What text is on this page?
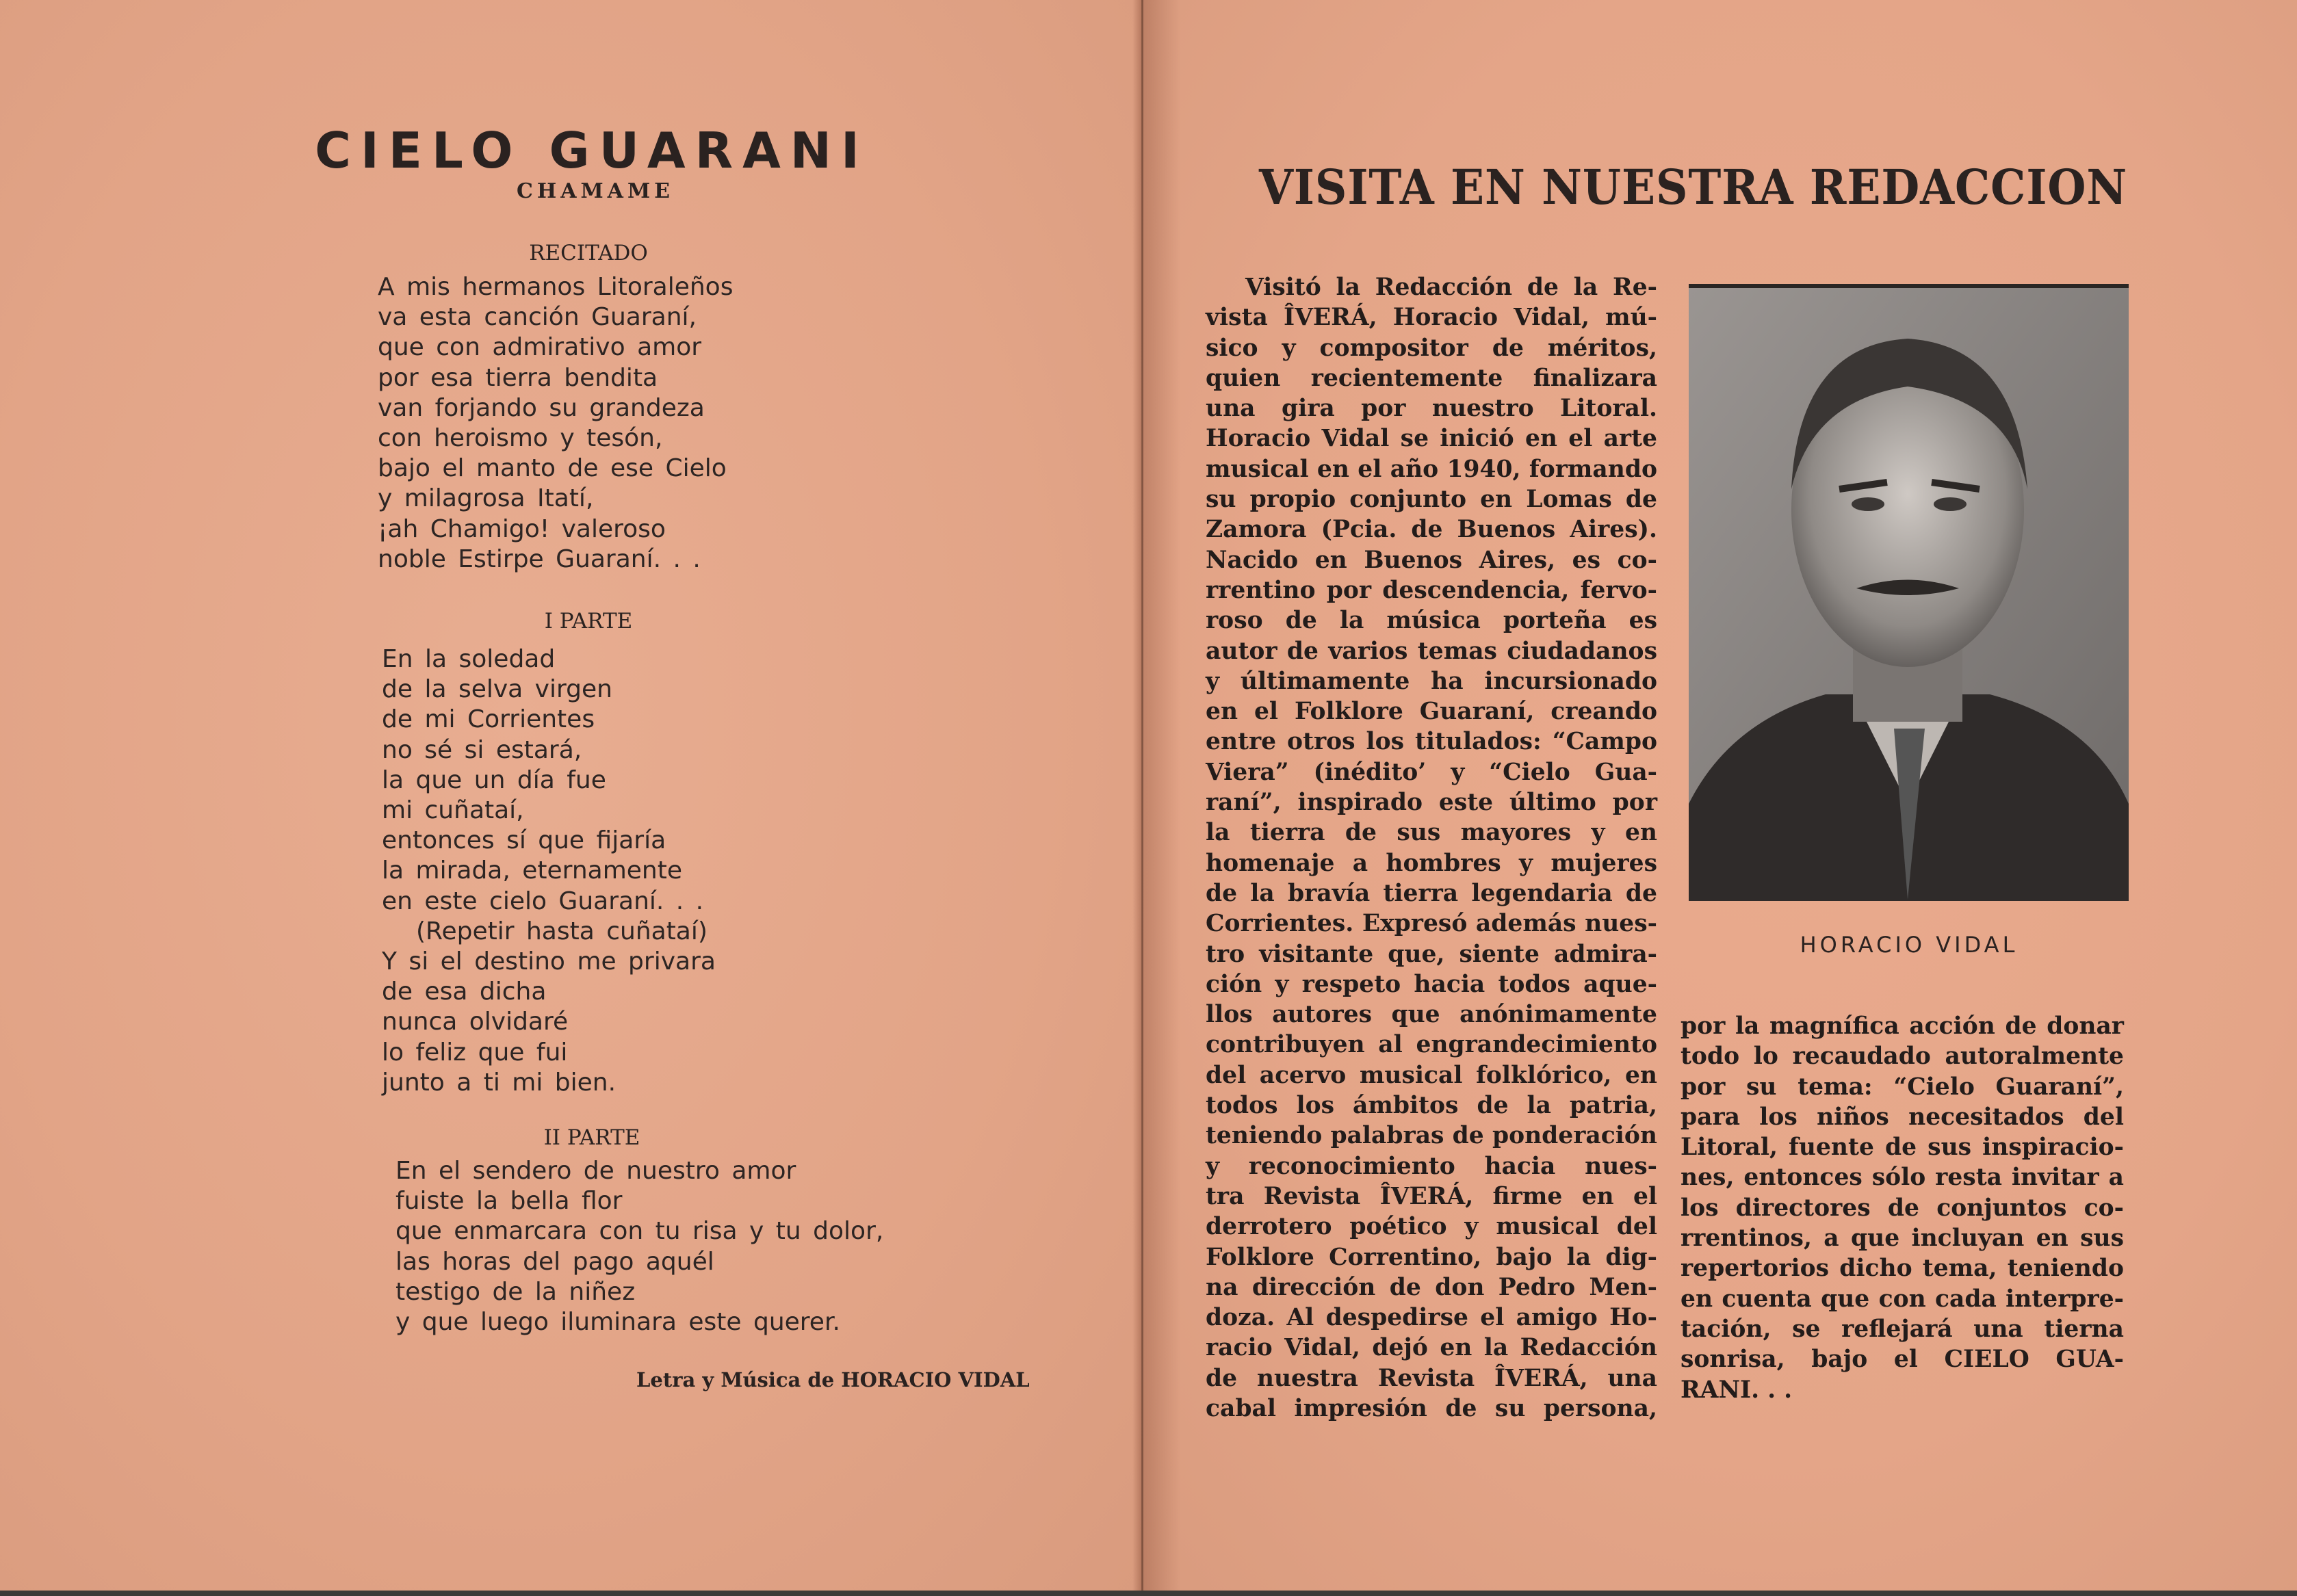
CIELO GUARANI
CHAMAME
RECITADO
A mis hermanos Litoraleños
va esta canción Guaraní,
que con admirativo amor
por esa tierra bendita
van forjando su grandeza
con heroismo y tesón,
bajo el manto de ese Cielo
y milagrosa Itatí,
¡ah Chamigo! valeroso
noble Estirpe Guaraní. . .
I PARTE
En la soledad
de la selva virgen
de mi Corrientes
no sé si estará,
la que un día fue
mi cuñataí,
entonces sí que fijaría
la mirada, eternamente
en este cielo Guaraní. . .
(Repetir hasta cuñataí)
Y si el destino me privara
de esa dicha
nunca olvidaré
lo feliz que fui
junto a ti mi bien.
II PARTE
En el sendero de nuestro amor
fuiste la bella flor
que enmarcara con tu risa y tu dolor,
las horas del pago aquél
testigo de la niñez
y que luego iluminara este querer.
Letra y Música de HORACIO VIDAL
VISITA EN NUESTRA REDACCION
Visitó la Redacción de la Re-
vista ÎVERÁ, Horacio Vidal, mú-
sico y compositor de méritos,
quien recientemente finalizara
una gira por nuestro Litoral.
Horacio Vidal se inició en el arte
musical en el año 1940, formando
su propio conjunto en Lomas de
Zamora (Pcia. de Buenos Aires).
Nacido en Buenos Aires, es co-
rrentino por descendencia, fervo-
roso de la música porteña es
autor de varios temas ciudadanos
y últimamente ha incursionado
en el Folklore Guaraní, creando
entre otros los titulados: “Campo
Viera” (inédito’ y “Cielo Gua-
raní”, inspirado este último por
la tierra de sus mayores y en
homenaje a hombres y mujeres
de la bravía tierra legendaria de
Corrientes. Expresó además nues-
tro visitante que, siente admira-
ción y respeto hacia todos aque-
llos autores que anónimamente
contribuyen al engrandecimiento
del acervo musical folklórico, en
todos los ámbitos de la patria,
teniendo palabras de ponderación
y reconocimiento hacia nues-
tra Revista ÎVERÁ, firme en el
derrotero poético y musical del
Folklore Correntino, bajo la dig-
na dirección de don Pedro Men-
doza. Al despedirse el amigo Ho-
racio Vidal, dejó en la Redacción
de nuestra Revista ÎVERÁ, una
cabal impresión de su persona,
HORACIO VIDAL
por la magnífica acción de donar
todo lo recaudado autoralmente
por su tema: “Cielo Guaraní”,
para los niños necesitados del
Litoral, fuente de sus inspiracio-
nes, entonces sólo resta invitar a
los directores de conjuntos co-
rrentinos, a que incluyan en sus
repertorios dicho tema, teniendo
en cuenta que con cada interpre-
tación, se reflejará una tierna
sonrisa, bajo el CIELO GUA-
RANI. . .
